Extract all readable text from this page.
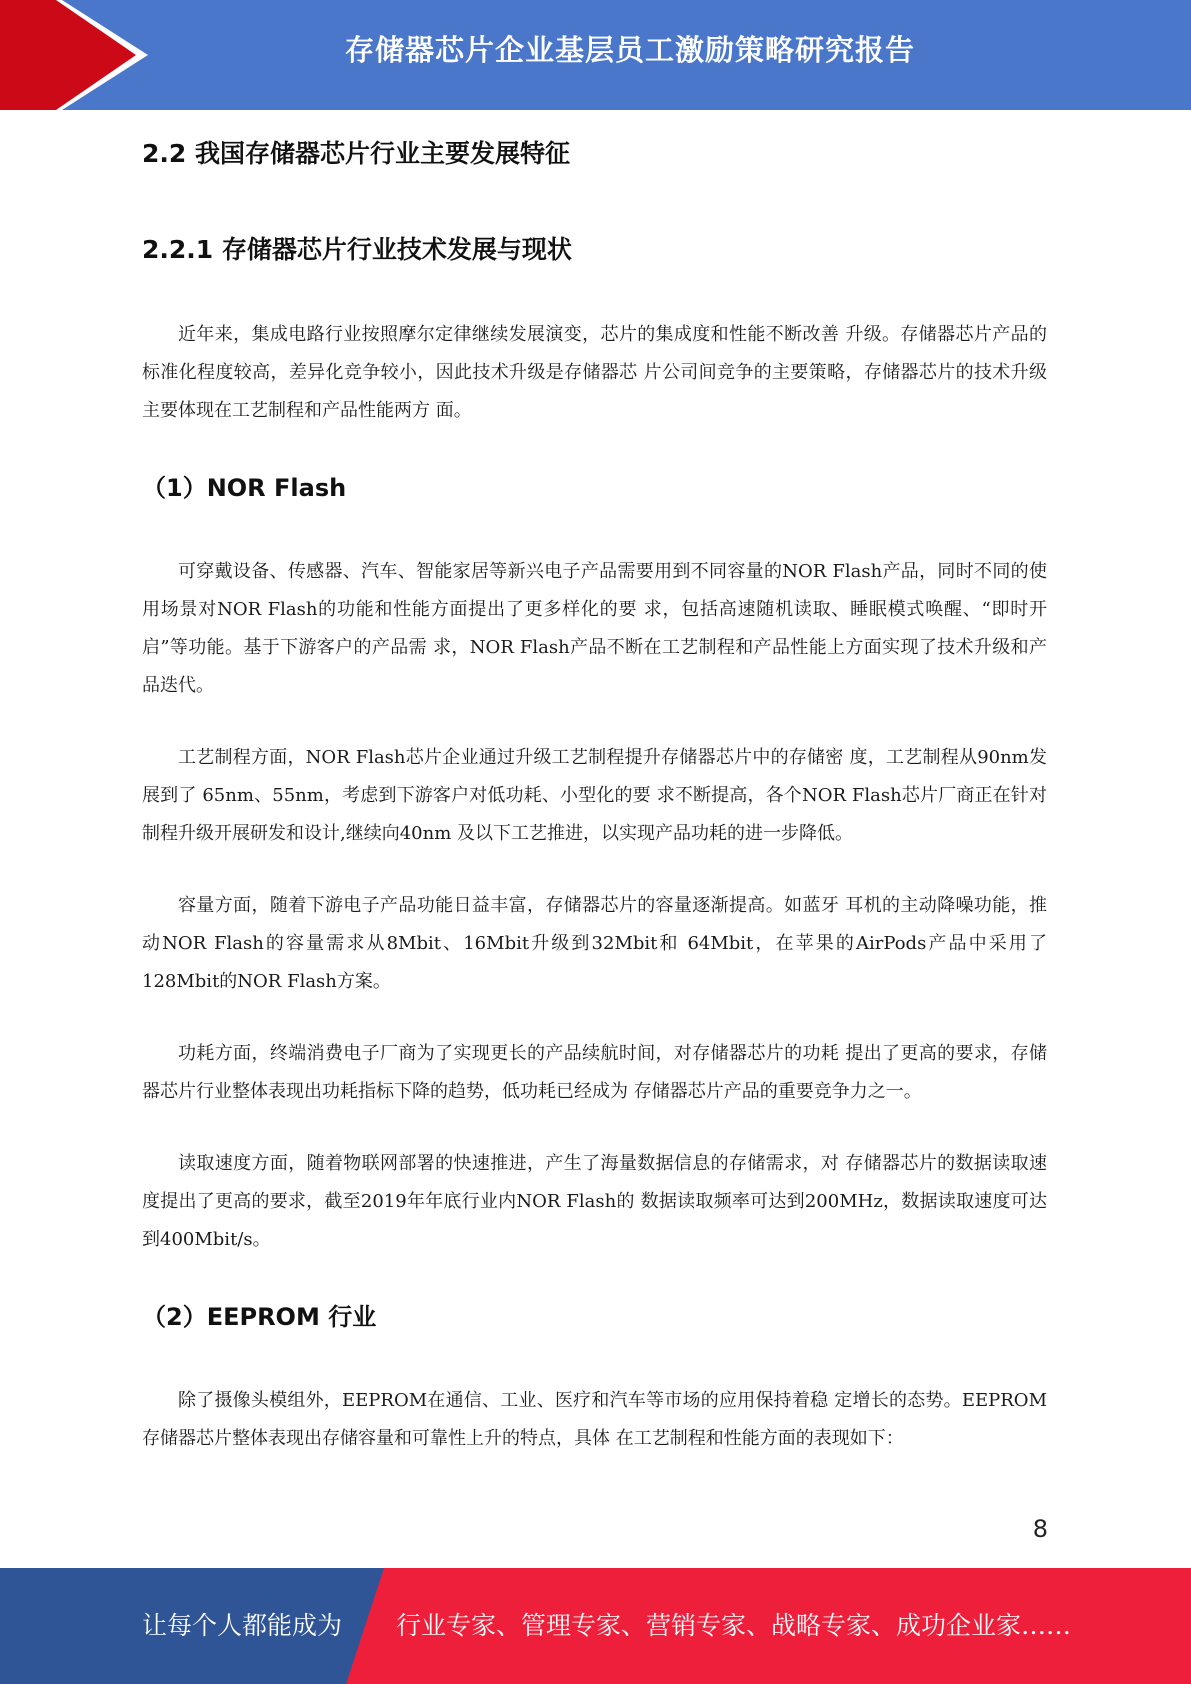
存储器芯片企业基层员工激励策略研究报告
2.2 我国存储器芯片行业主要发展特征
2.2.1 存储器芯片行业技术发展与现状

近年来，集成电路行业按照摩尔定律继续发展演变，芯片的集成度和性能不断改善 升级。存储器芯片产品的标准化程度较高，差异化竞争较小，因此技术升级是存储器芯 片公司间竞争的主要策略，存储器芯片的技术升级主要体现在工艺制程和产品性能两方 面。

（1）NOR Flash

可穿戴设备、传感器、汽车、智能家居等新兴电子产品需要用到不同容量的NOR Flash产品，同时不同的使用场景对NOR Flash的功能和性能方面提出了更多样化的要 求，包括高速随机读取、睡眠模式唤醒、“即时开启”等功能。基于下游客户的产品需 求，NOR Flash产品不断在工艺制程和产品性能上方面实现了技术升级和产品迭代。

工艺制程方面，NOR Flash芯片企业通过升级工艺制程提升存储器芯片中的存储密 度，工艺制程从90nm发展到了 65nm、55nm，考虑到下游客户对低功耗、小型化的要 求不断提高，各个NOR Flash芯片厂商正在针对制程升级开展研发和设计,继续向40nm 及以下工艺推进，以实现产品功耗的进一步降低。

容量方面，随着下游电子产品功能日益丰富，存储器芯片的容量逐渐提高。如蓝牙 耳机的主动降噪功能，推动NOR Flash的容量需求从8Mbit、16Mbit升级到32Mbit和 64Mbit，在苹果的AirPods产品中采用了 128Mbit的NOR Flash方案。

功耗方面，终端消费电子厂商为了实现更长的产品续航时间，对存储器芯片的功耗 提出了更高的要求，存储器芯片行业整体表现出功耗指标下降的趋势，低功耗已经成为 存储器芯片产品的重要竞争力之一。

读取速度方面，随着物联网部署的快速推进，产生了海量数据信息的存储需求，对 存储器芯片的数据读取速度提出了更高的要求，截至2019年年底行业内NOR Flash的 数据读取频率可达到200MHz，数据读取速度可达到400Mbit/s。

（2）EEPROM 行业

除了摄像头模组外，EEPROM在通信、工业、医疗和汽车等市场的应用保持着稳 定增长的态势。EEPROM存储器芯片整体表现出存储容量和可靠性上升的特点，具体 在工艺制程和性能方面的表现如下：

8
让每个人都能成为 行业专家、管理专家、营销专家、战略专家、成功企业家……
